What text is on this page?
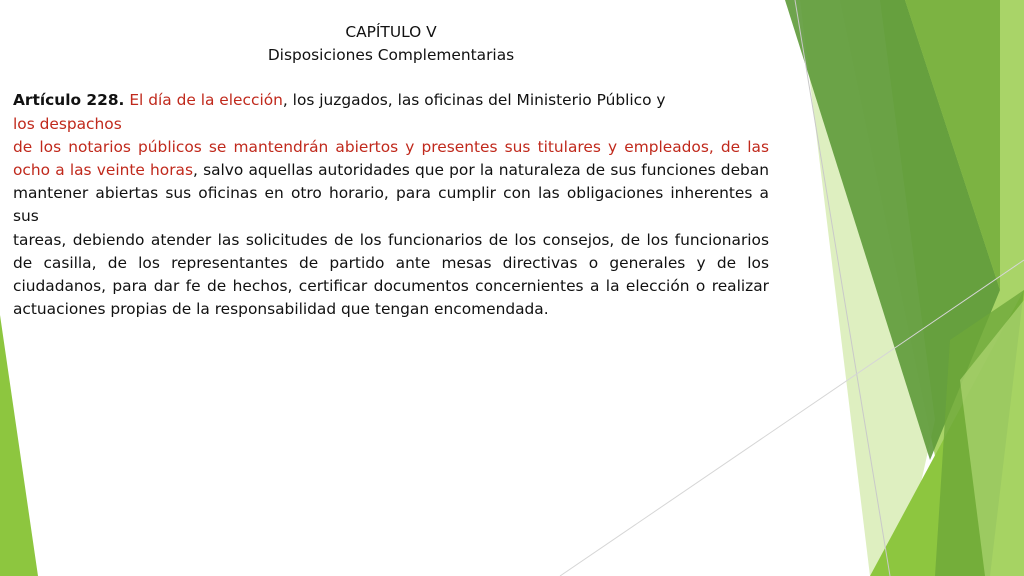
CAPÍTULO V

Disposiciones Complementarias

Artículo 228. El día de la elección, los juzgados, las oficinas del Ministerio Público y
los despachos
de los notarios públicos se mantendrán abiertos y presentes sus titulares y empleados, de las ocho a las veinte horas, salvo aquellas autoridades que por la naturaleza de sus funciones deban mantener abiertas sus oficinas en otro horario, para cumplir con las obligaciones inherentes a sus
tareas, debiendo atender las solicitudes de los funcionarios de los consejos, de los funcionarios de casilla, de los representantes de partido ante mesas directivas o generales y de los ciudadanos, para dar fe de hechos, certificar documentos concernientes a la elección o realizar actuaciones propias de la responsabilidad que tengan encomendada.
